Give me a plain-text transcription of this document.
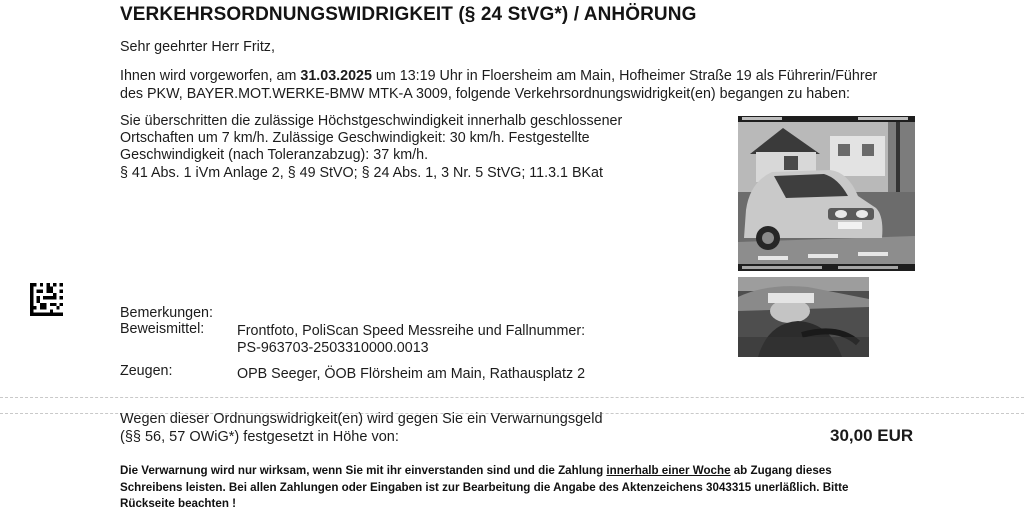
VERKEHRSORDNUNGSWIDRIGKEIT (§ 24 StVG*) / ANHÖRUNG
Sehr geehrter Herr Fritz,
Ihnen wird vorgeworfen, am 31.03.2025 um 13:19 Uhr in Floersheim am Main, Hofheimer Straße 19 als Führerin/Führer
des PKW, BAYER.MOT.WERKE-BMW MTK-A 3009, folgende Verkehrsordnungswidrigkeit(en) begangen zu haben:
Sie überschritten die zulässige Höchstgeschwindigkeit innerhalb geschlossener
Ortschaften um 7 km/h. Zulässige Geschwindigkeit: 30 km/h. Festgestellte
Geschwindigkeit (nach Toleranzabzug): 37 km/h.
§ 41 Abs. 1 iVm Anlage 2, § 49 StVO; § 24 Abs. 1, 3 Nr. 5 StVG; 11.3.1 BKat
Bemerkungen:
Beweismittel: Frontfoto, PoliScan Speed Messreihe und Fallnummer:
PS-963703-2503310000.0013
Zeugen:	OPB Seeger, ÖOB Flörsheim am Main, Rathausplatz 2
Wegen dieser Ordnungswidrigkeit(en) wird gegen Sie ein Verwarnungsgeld
(§§ 56, 57 OWiG*) festgesetzt in Höhe von:	30,00 EUR
Die Verwarnung wird nur wirksam, wenn Sie mit ihr einverstanden sind und die Zahlung innerhalb einer Woche ab Zugang dieses
Schreibens leisten. Bei allen Zahlungen oder Eingaben ist zur Bearbeitung die Angabe des Aktenzeichens 3043315 unerläßlich. Bitte
Rückseite beachten !
